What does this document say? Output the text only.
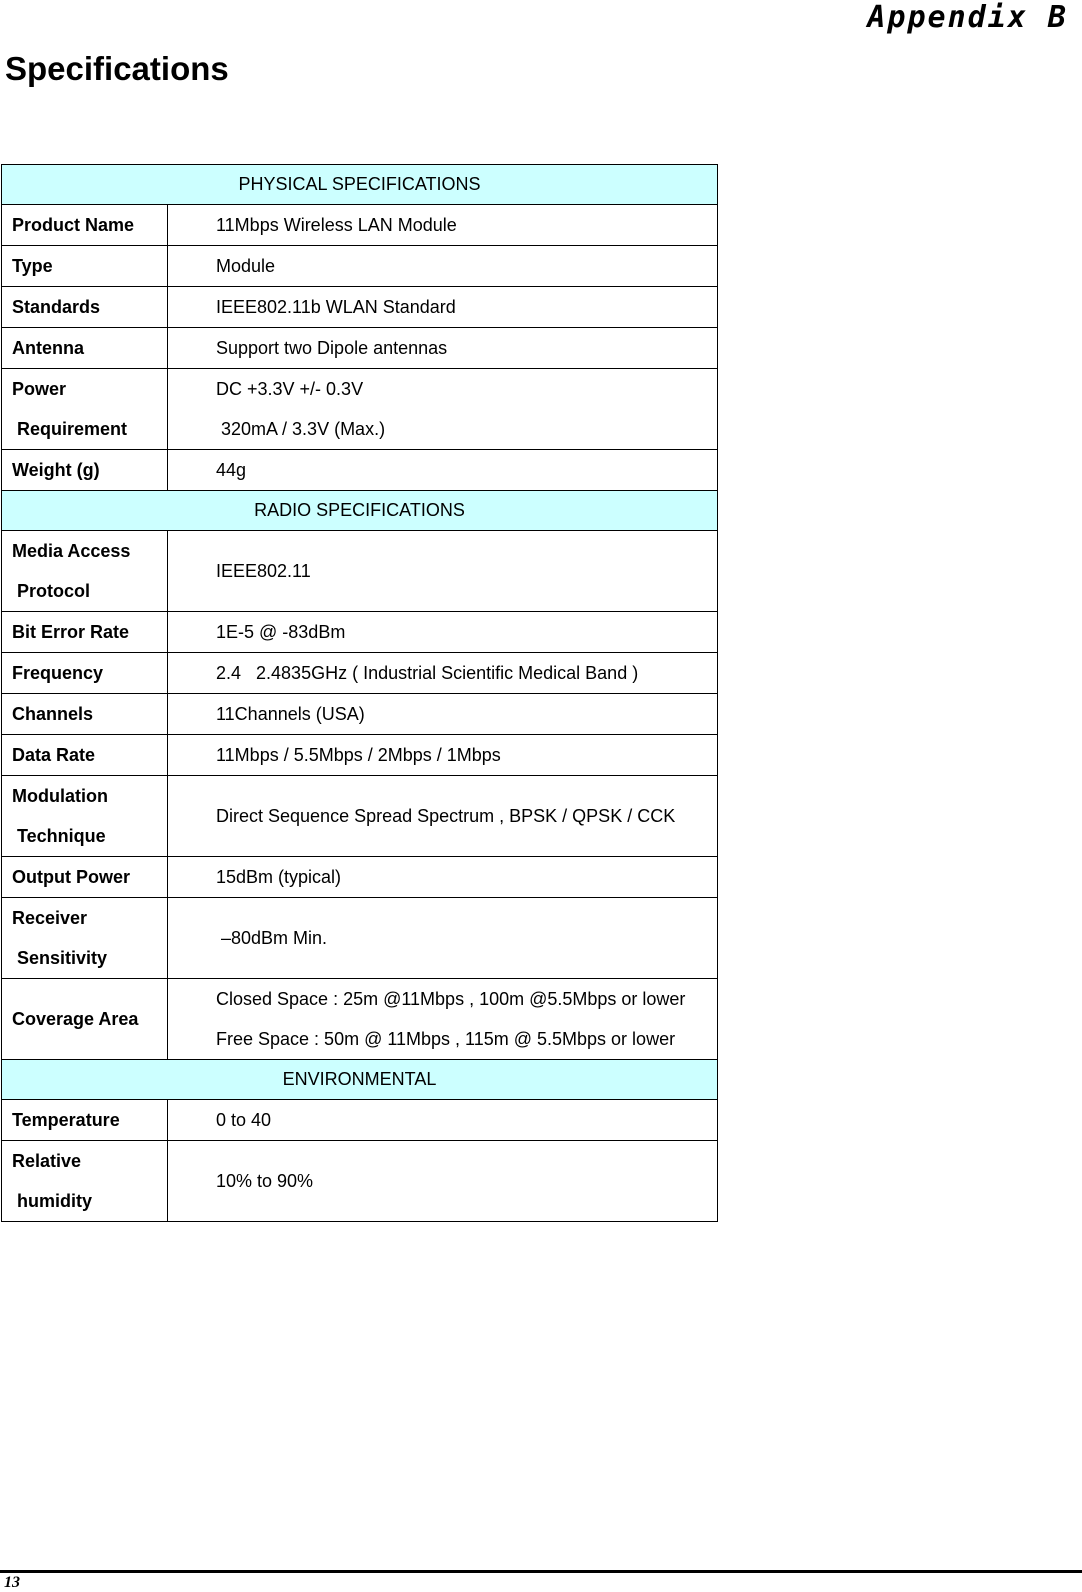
Appendix B
Specifications
PHYSICAL SPECIFICATIONS	

Product Name	11Mbps Wireless LAN Module

Type	Module

Standards	IEEE802.11b WLAN Standard

Antenna	Support two Dipole antennas

Power
Requirement	DC +3.3V +/- 0.3V
320mA / 3.3V (Max.)

Weight (g)	44g

RADIO SPECIFICATIONS	

Media Access
Protocol	IEEE802.11

Bit Error Rate	1E-5 @ -83dBm

Frequency	2.4   2.4835GHz ( Industrial Scientific Medical Band )

Channels	11Channels (USA)

Data Rate	11Mbps / 5.5Mbps / 2Mbps / 1Mbps

Modulation
Technique	Direct Sequence Spread Spectrum , BPSK / QPSK / CCK

Output Power	15dBm (typical)

Receiver
Sensitivity	–80dBm Min.

Coverage Area	Closed Space : 25m @11Mbps , 100m @5.5Mbps or lower
Free Space : 50m @ 11Mbps , 115m @ 5.5Mbps or lower

ENVIRONMENTAL	

Temperature	0 to 40

Relative
humidity	10% to 90%
13
